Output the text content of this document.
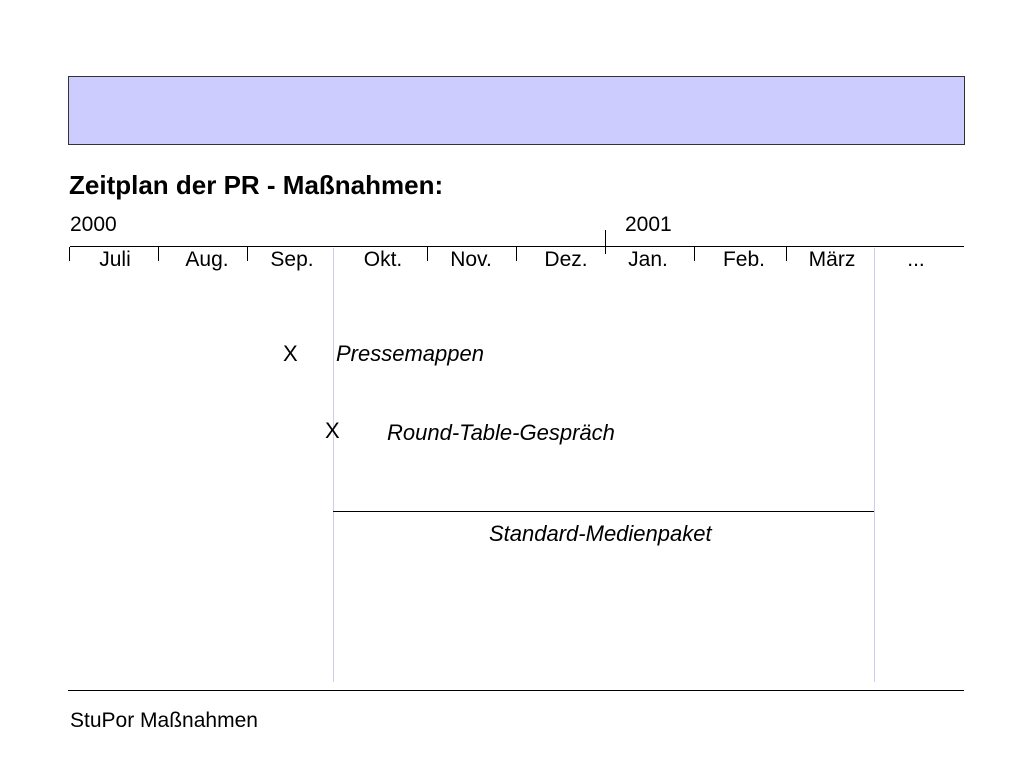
Zeitplan der PR - Maßnahmen:
2000	2001
Juli	Aug.	Sep.	Okt.	Nov.	Dez.	Jan.	Feb.	März	...
X Pressemappen
X Round-Table-Gespräch
Standard-Medienpaket
StuPor Maßnahmen
